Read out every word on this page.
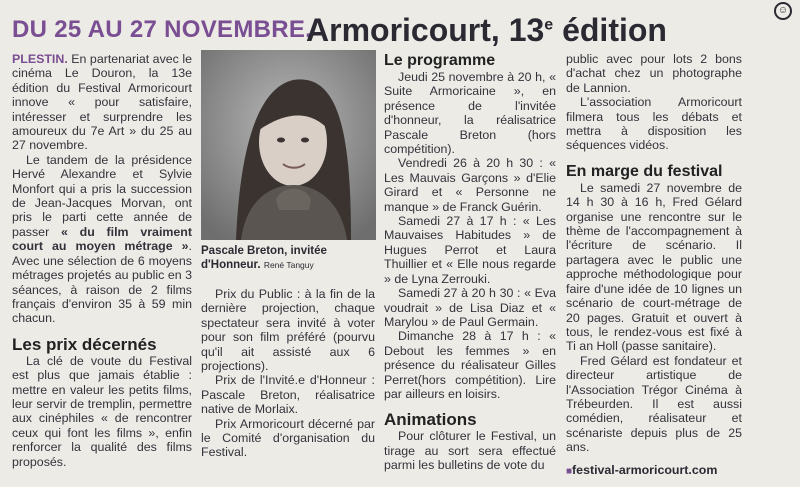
☺
DU 25 AU 27 NOVEMBRE.
Armoricourt, 13e édition

PLESTIN. En partenariat avec le cinéma Le Douron, la 13e édition du Festival Armoricourt innove « pour satisfaire, intéresser et surprendre les amoureux du 7e Art » du 25 au 27 novembre.

Le tandem de la présidence Hervé Alexandre et Sylvie Monfort qui a pris la succession de Jean-Jacques Morvan, ont pris le parti cette année de passer « du film vraiment court au moyen métrage ». Avec une sélection de 6 moyens métrages projetés au public en 3 séances, à raison de 2 films français d'environ 35 à 59 min chacun.

Les prix décernés

La clé de voute du Festival est plus que jamais établie : mettre en valeur les petits films, leur servir de tremplin, permettre aux cinéphiles « de rencontrer ceux qui font les films », enfin renforcer la qualité des films proposés.

Pascale Breton, invitée d'Honneur. René Tanguy

Prix du Public : à la fin de la dernière projection, chaque spectateur sera invité à voter pour son film préféré (pourvu qu'il ait assisté aux 6 projections).

Prix de l'Invité.e d'Honneur : Pascale Breton, réalisatrice native de Morlaix.

Prix Armoricourt décerné par le Comité d'organisation du Festival.

Le programme

Jeudi 25 novembre à 20 h, « Suite Armoricaine », en présence de l'invitée d'honneur, la réalisatrice Pascale Breton (hors compétition).

Vendredi 26 à 20 h 30 : « Les Mauvais Garçons » d'Elie Girard et « Personne ne manque » de Franck Guérin.

Samedi 27 à 17 h : « Les Mauvaises Habitudes » de Hugues Perrot et Laura Thuillier et « Elle nous regarde » de Lyna Zerrouki.

Samedi 27 à 20 h 30 : « Eva voudrait » de Lisa Diaz et « Marylou » de Paul Germain.

Dimanche 28 à 17 h : « Debout les femmes » en présence du réalisateur Gilles Perret(hors compétition). Lire par ailleurs en loisirs.

Animations

Pour clôturer le Festival, un tirage au sort sera effectué parmi les bulletins de vote du

public avec pour lots 2 bons d'achat chez un photographe de Lannion.

L'association Armoricourt filmera tous les débats et mettra à disposition les séquences vidéos.

En marge du festival

Le samedi 27 novembre de 14 h 30 à 16 h, Fred Gélard organise une rencontre sur le thème de l'accompagnement à l'écriture de scénario. Il partagera avec le public une approche méthodologique pour faire d'une idée de 10 lignes un scénario de court-métrage de 20 pages. Gratuit et ouvert à tous, le rendez-vous est fixé à Ti an Holl (passe sanitaire).

Fred Gélard est fondateur et directeur artistique de l'Association Trégor Cinéma à Trébeurden. Il est aussi comédien, réalisateur et scénariste depuis plus de 25 ans.

■festival-armoricourt.com
